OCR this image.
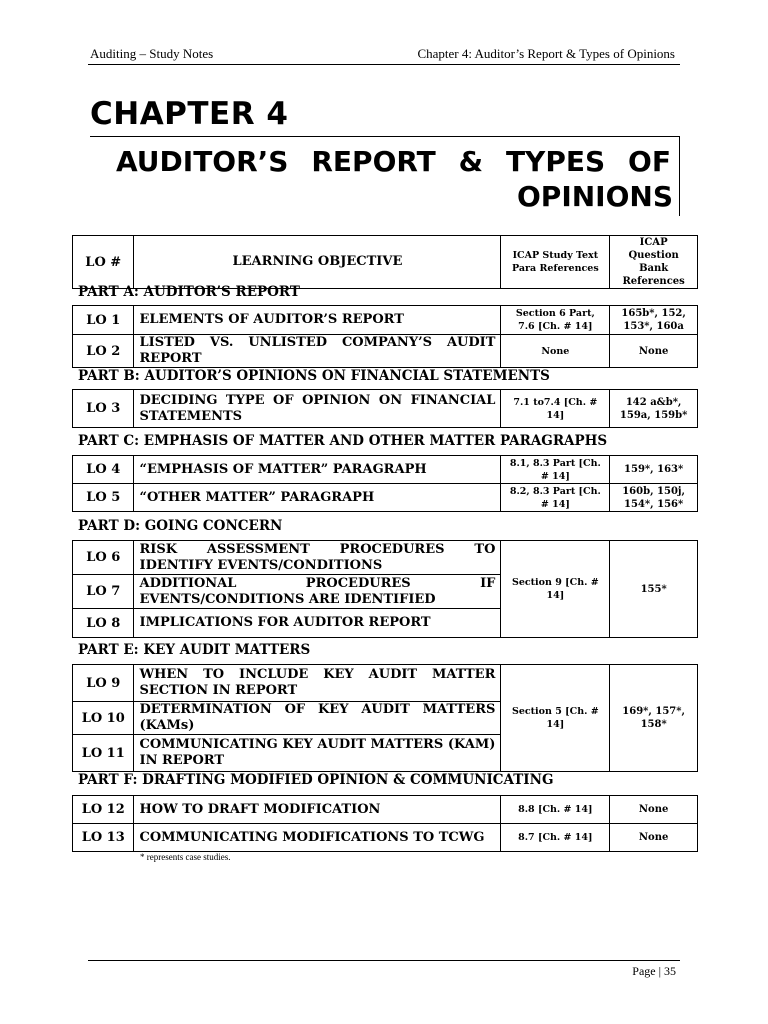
Auditing – Study Notes	Chapter 4: Auditor’s Report & Types of Opinions
CHAPTER 4
AUDITOR’S REPORT & TYPES OF
OPINIONS
LO #	LEARNING OBJECTIVE	ICAP Study Text Para References	ICAP Question Bank References
PART A: AUDITOR’S REPORT
LO 1	ELEMENTS OF AUDITOR’S REPORT	Section 6 Part, 7.6 [Ch. # 14]	165b*, 152, 153*, 160a
LO 2	LISTED VS. UNLISTED COMPANY’S AUDIT REPORT	None	None
PART B: AUDITOR’S OPINIONS ON FINANCIAL STATEMENTS
LO 3	DECIDING TYPE OF OPINION ON FINANCIAL STATEMENTS	7.1 to7.4 [Ch. # 14]	142 a&b*, 159a, 159b*
PART C: EMPHASIS OF MATTER AND OTHER MATTER PARAGRAPHS
LO 4	“EMPHASIS OF MATTER” PARAGRAPH	8.1, 8.3 Part [Ch. # 14]	159*, 163*
LO 5	“OTHER MATTER” PARAGRAPH	8.2, 8.3 Part [Ch. # 14]	160b, 150j, 154*, 156*
PART D: GOING CONCERN
LO 6	RISK ASSESSMENT PROCEDURES TO IDENTIFY EVENTS/CONDITIONS	Section 9 [Ch. # 14]	155*
LO 7	ADDITIONAL PROCEDURES IF EVENTS/CONDITIONS ARE IDENTIFIED		
LO 8	IMPLICATIONS FOR AUDITOR REPORT		
PART E: KEY AUDIT MATTERS
LO 9	WHEN TO INCLUDE KEY AUDIT MATTER SECTION IN REPORT	Section 5 [Ch. # 14]	169*, 157*, 158*
LO 10	DETERMINATION OF KEY AUDIT MATTERS (KAMs)		
LO 11	COMMUNICATING KEY AUDIT MATTERS (KAM) IN REPORT		
PART F: DRAFTING MODIFIED OPINION & COMMUNICATING
LO 12	HOW TO DRAFT MODIFICATION	8.8 [Ch. # 14]	None
LO 13	COMMUNICATING MODIFICATIONS TO TCWG	8.7 [Ch. # 14]	None
* represents case studies.
Page | 35
